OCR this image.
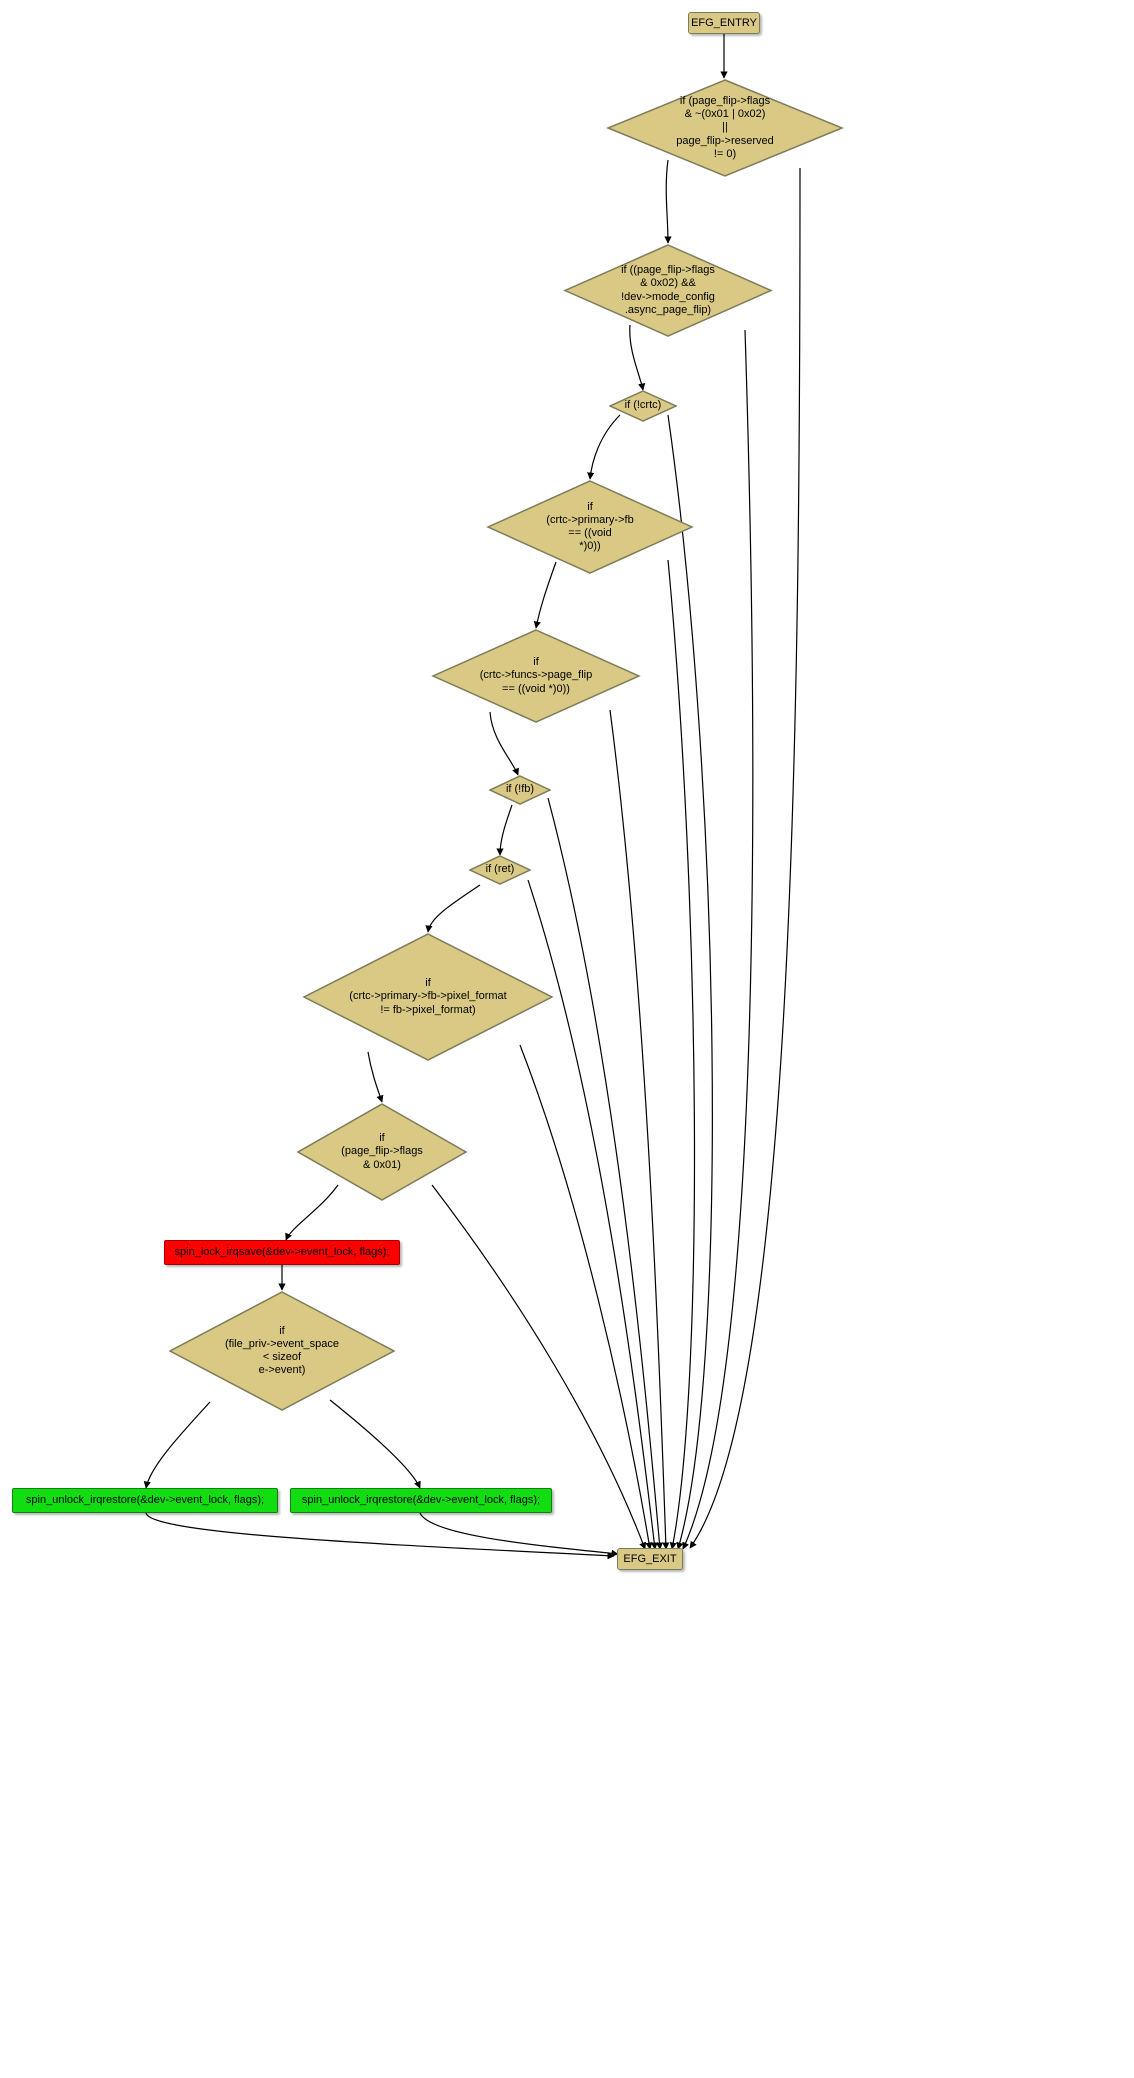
EFG_ENTRY
if (page_flip->flags
& ~(0x01 | 0x02)
||
page_flip->reserved
!= 0)
if ((page_flip->flags
& 0x02) &&
!dev->mode_config
.async_page_flip)
if (!crtc)
if
(crtc->primary->fb
== ((void
*)0))
if
(crtc->funcs->page_flip
== ((void *)0))
if (!fb)
if (ret)
if
(crtc->primary->fb->pixel_format
!= fb->pixel_format)
if
(page_flip->flags
& 0x01)
spin_lock_irqsave(&dev->event_lock, flags);
if
(file_priv->event_space
< sizeof
e->event)
spin_unlock_irqrestore(&dev->event_lock, flags);	spin_unlock_irqrestore(&dev->event_lock, flags);
EFG_EXIT
